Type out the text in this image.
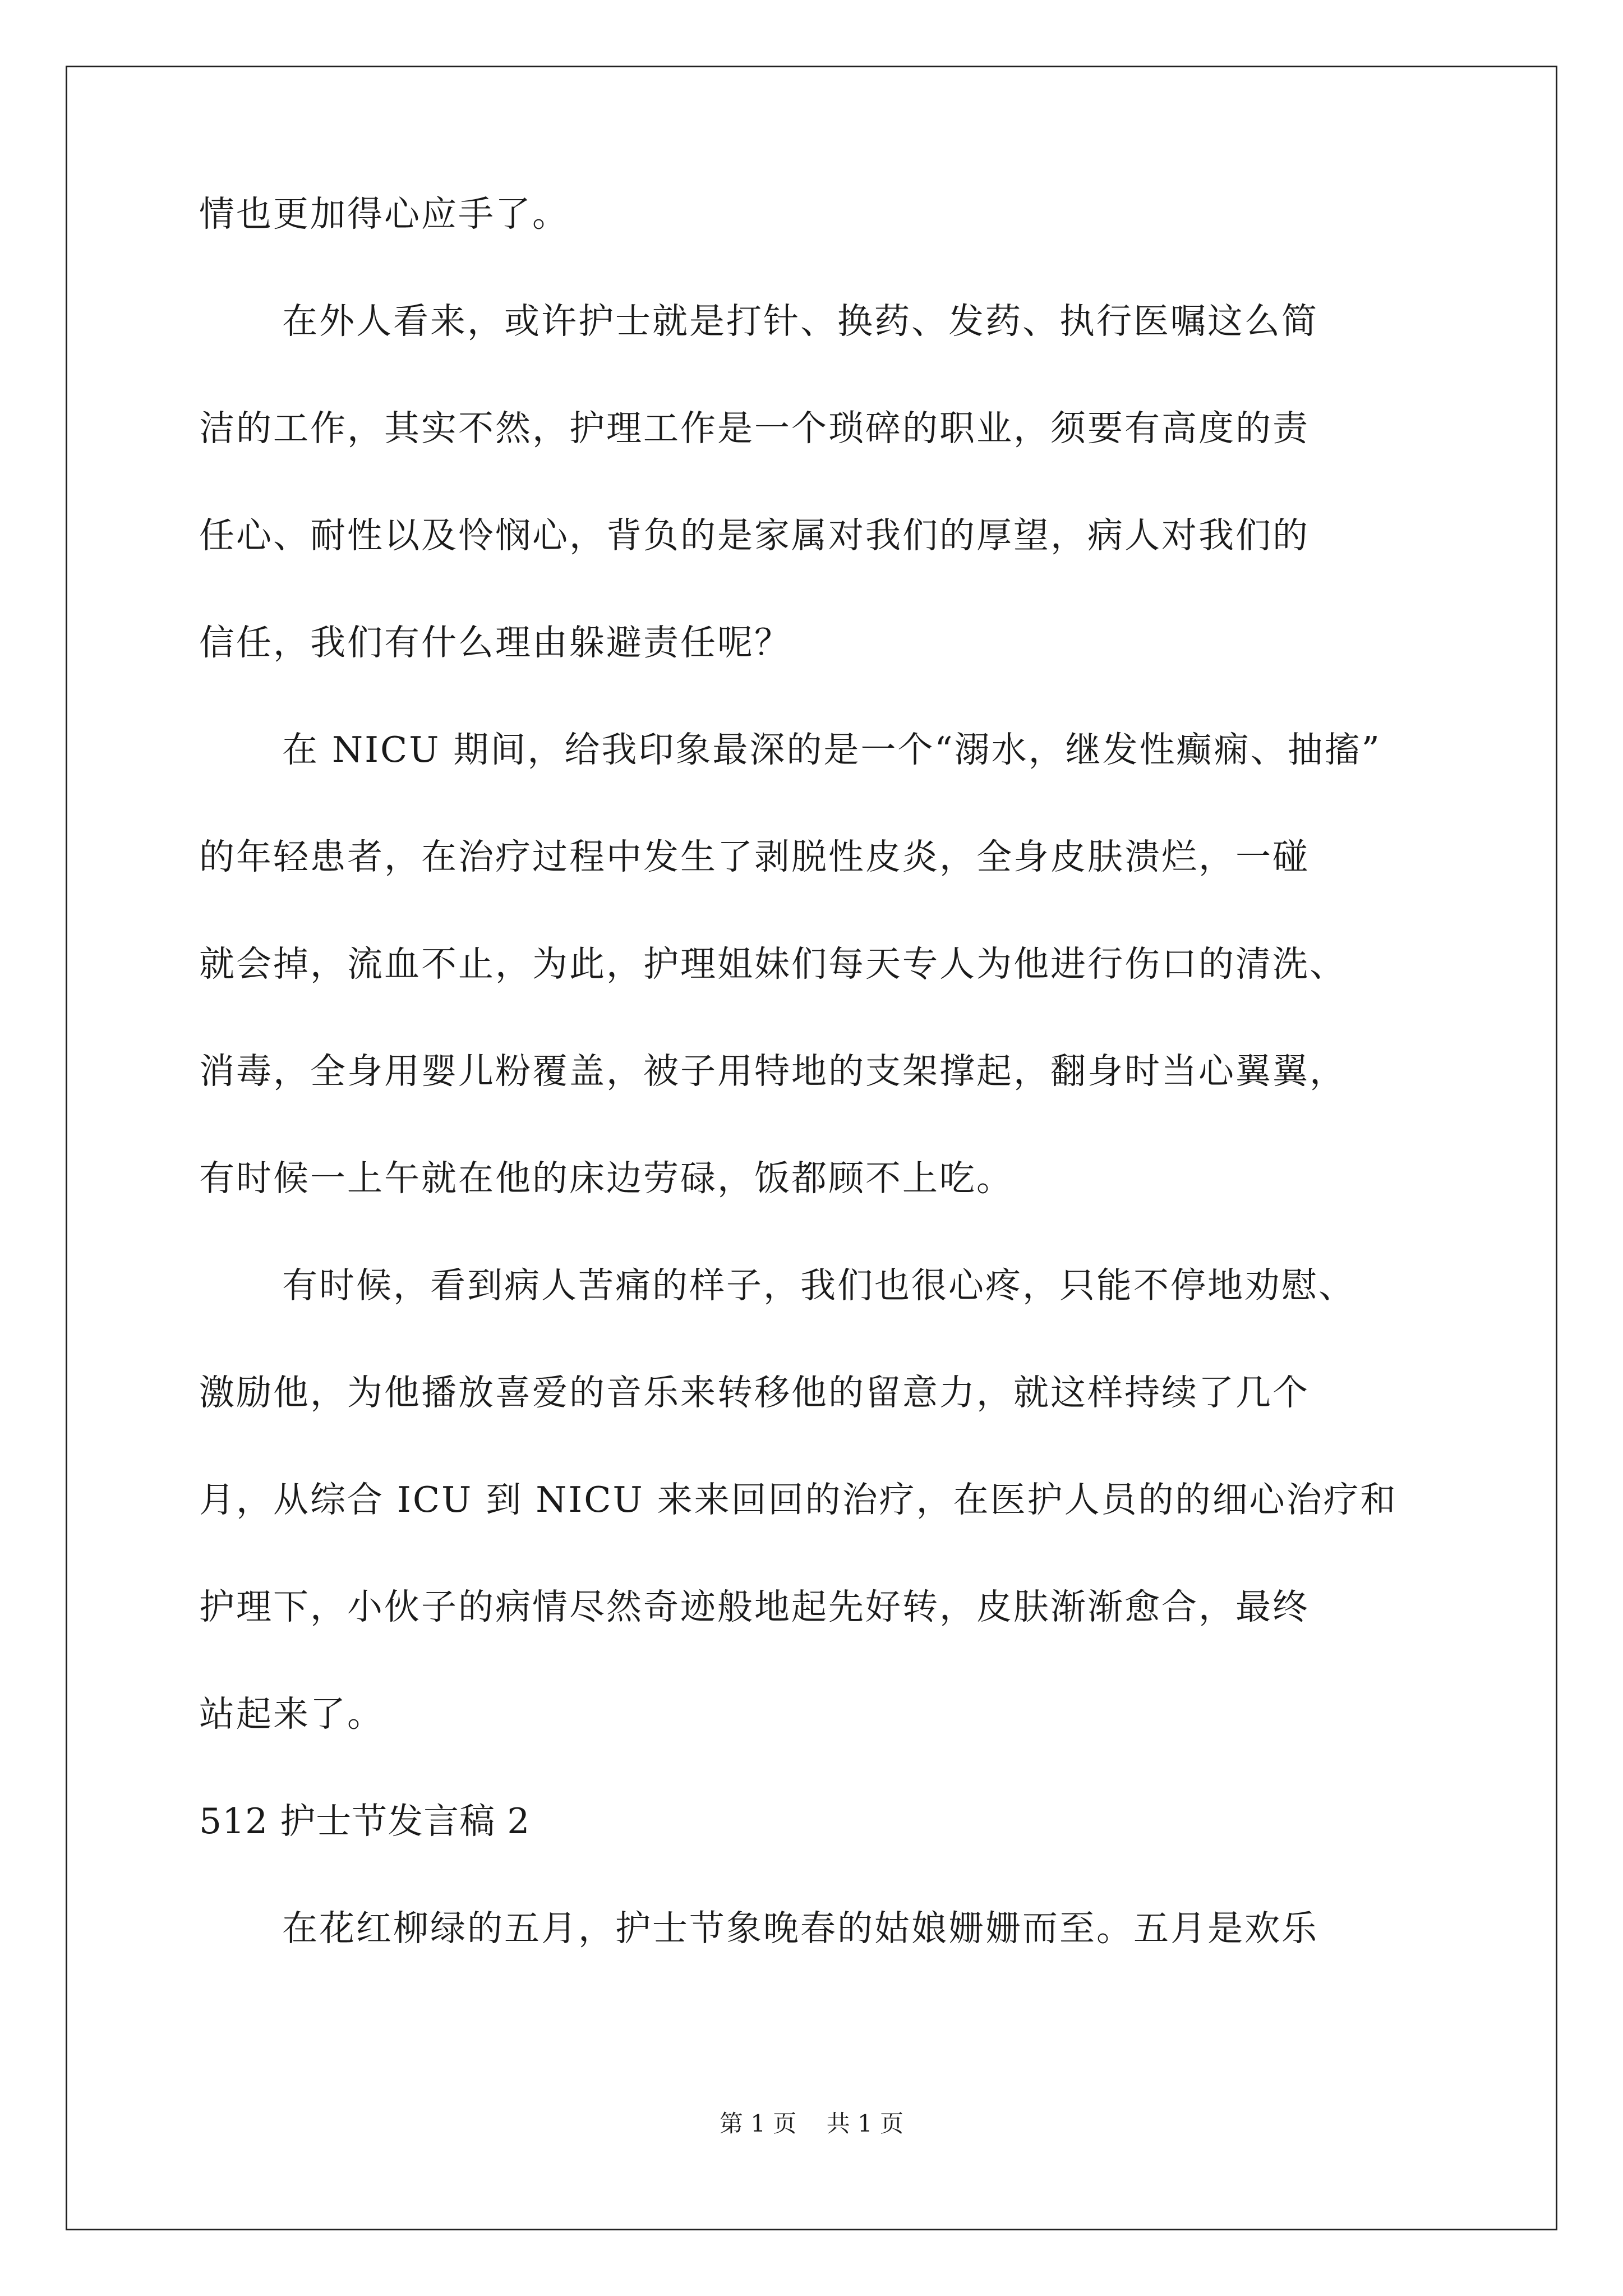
情也更加得心应手了。
在外人看来，或许护士就是打针、换药、发药、执行医嘱这么简
洁的工作，其实不然，护理工作是一个琐碎的职业，须要有高度的责
任心、耐性以及怜悯心，背负的是家属对我们的厚望，病人对我们的
信任，我们有什么理由躲避责任呢？
在 NICU 期间，给我印象最深的是一个“溺水，继发性癫痫、抽搐”
的年轻患者，在治疗过程中发生了剥脱性皮炎，全身皮肤溃烂，一碰
就会掉，流血不止，为此，护理姐妹们每天专人为他进行伤口的清洗、
消毒，全身用婴儿粉覆盖，被子用特地的支架撑起，翻身时当心翼翼，
有时候一上午就在他的床边劳碌，饭都顾不上吃。
有时候，看到病人苦痛的样子，我们也很心疼，只能不停地劝慰、
激励他，为他播放喜爱的音乐来转移他的留意力，就这样持续了几个
月，从综合 ICU 到 NICU 来来回回的治疗，在医护人员的的细心治疗和
护理下，小伙子的病情尽然奇迹般地起先好转，皮肤渐渐愈合，最终
站起来了。
512 护士节发言稿 2
在花红柳绿的五月，护士节象晚春的姑娘姗姗而至。五月是欢乐
第 1 页    共 1 页
